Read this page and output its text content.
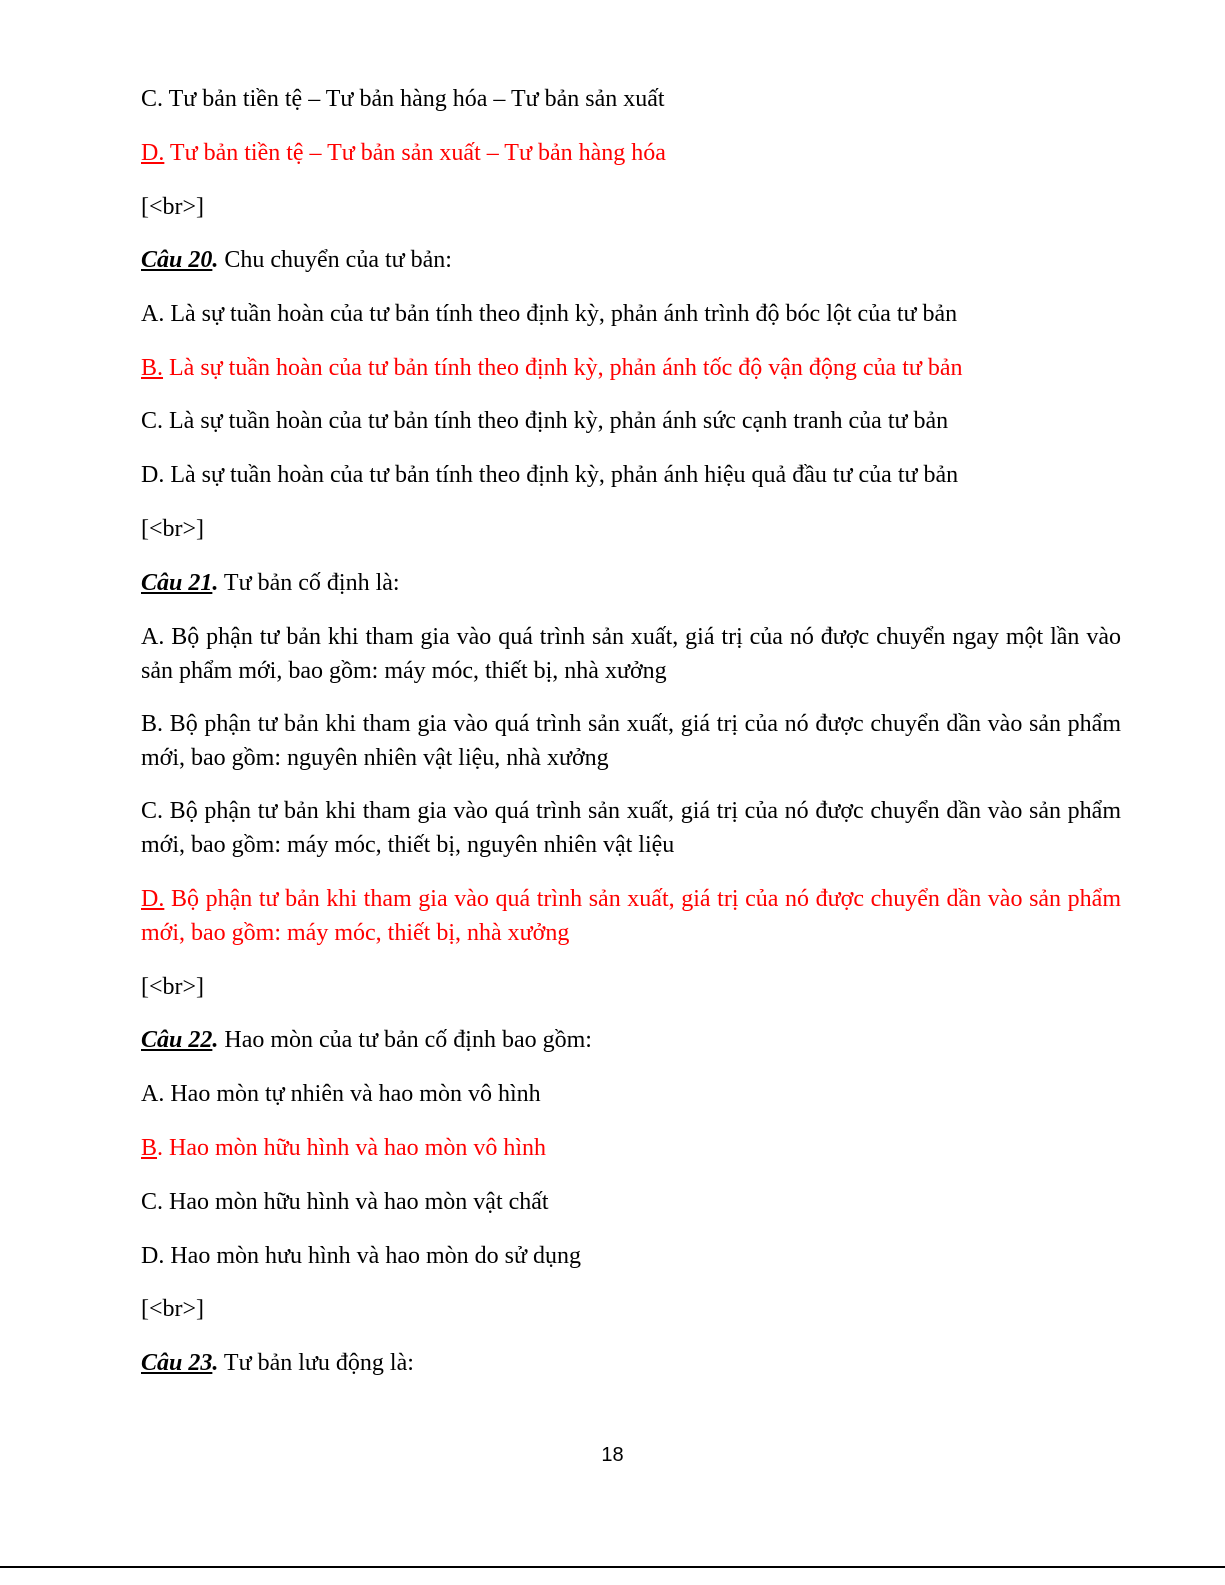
C. Tư bản tiền tệ – Tư bản hàng hóa – Tư bản sản xuất
D. Tư bản tiền tệ – Tư bản sản xuất – Tư bản hàng hóa
[<br>]
Câu 20. Chu chuyển của tư bản:
A. Là sự tuần hoàn của tư bản tính theo định kỳ, phản ánh trình độ bóc lột của tư bản
B. Là sự tuần hoàn của tư bản tính theo định kỳ, phản ánh tốc độ vận động của tư bản
C. Là sự tuần hoàn của tư bản tính theo định kỳ, phản ánh sức cạnh tranh của tư bản
D. Là sự tuần hoàn của tư bản tính theo định kỳ, phản ánh hiệu quả đầu tư của tư bản
[<br>]
Câu 21. Tư bản cố định là:
A. Bộ phận tư bản khi tham gia vào quá trình sản xuất, giá trị của nó được chuyển ngay một lần vào sản phẩm mới, bao gồm: máy móc, thiết bị, nhà xưởng
B. Bộ phận tư bản khi tham gia vào quá trình sản xuất, giá trị của nó được chuyển dần vào sản phẩm mới, bao gồm: nguyên nhiên vật liệu, nhà xưởng
C. Bộ phận tư bản khi tham gia vào quá trình sản xuất, giá trị của nó được chuyển dần vào sản phẩm mới, bao gồm: máy móc, thiết bị, nguyên nhiên vật liệu
D. Bộ phận tư bản khi tham gia vào quá trình sản xuất, giá trị của nó được chuyển dần vào sản phẩm mới, bao gồm: máy móc, thiết bị, nhà xưởng
[<br>]
Câu 22. Hao mòn của tư bản cố định bao gồm:
A. Hao mòn tự nhiên và hao mòn vô hình
B. Hao mòn hữu hình và hao mòn vô hình
C. Hao mòn hữu hình và hao mòn vật chất
D. Hao mòn hưu hình và hao mòn do sử dụng
[<br>]
Câu 23. Tư bản lưu động là:
18
